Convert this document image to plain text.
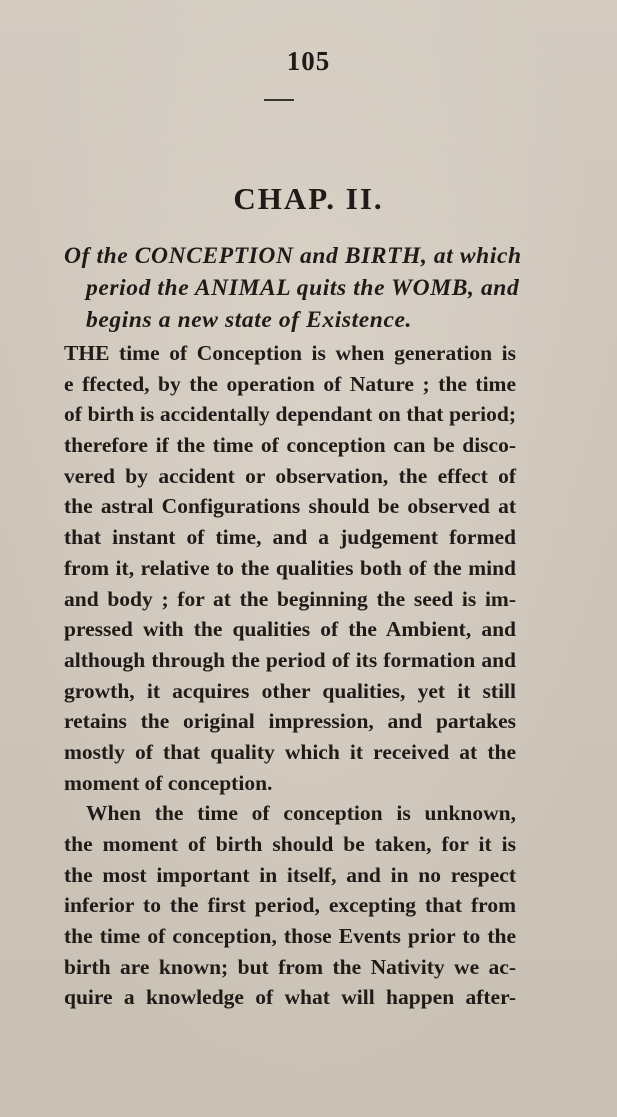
105
CHAP. II.
Of the CONCEPTION and BIRTH, at which
period the ANIMAL quits the WOMB, and
begins a new state of Existence.
THE time of Conception is when generation is
e ffected, by the operation of Nature ; the time
of birth is accidentally dependant on that period;
therefore if the time of conception can be disco-
vered by accident or observation, the effect of
the astral Configurations should be observed at
that instant of time, and a judgement formed
from it, relative to the qualities both of the mind
and body ; for at the beginning the seed is im-
pressed with the qualities of the Ambient, and
although through the period of its formation and
growth, it acquires other qualities, yet it still
retains the original impression, and partakes
mostly of that quality which it received at the
moment of conception.
When the time of conception is unknown,
the moment of birth should be taken, for it is
the most important in itself, and in no respect
inferior to the first period, excepting that from
the time of conception, those Events prior to the
birth are known; but from the Nativity we ac-
quire a knowledge of what will happen after-
